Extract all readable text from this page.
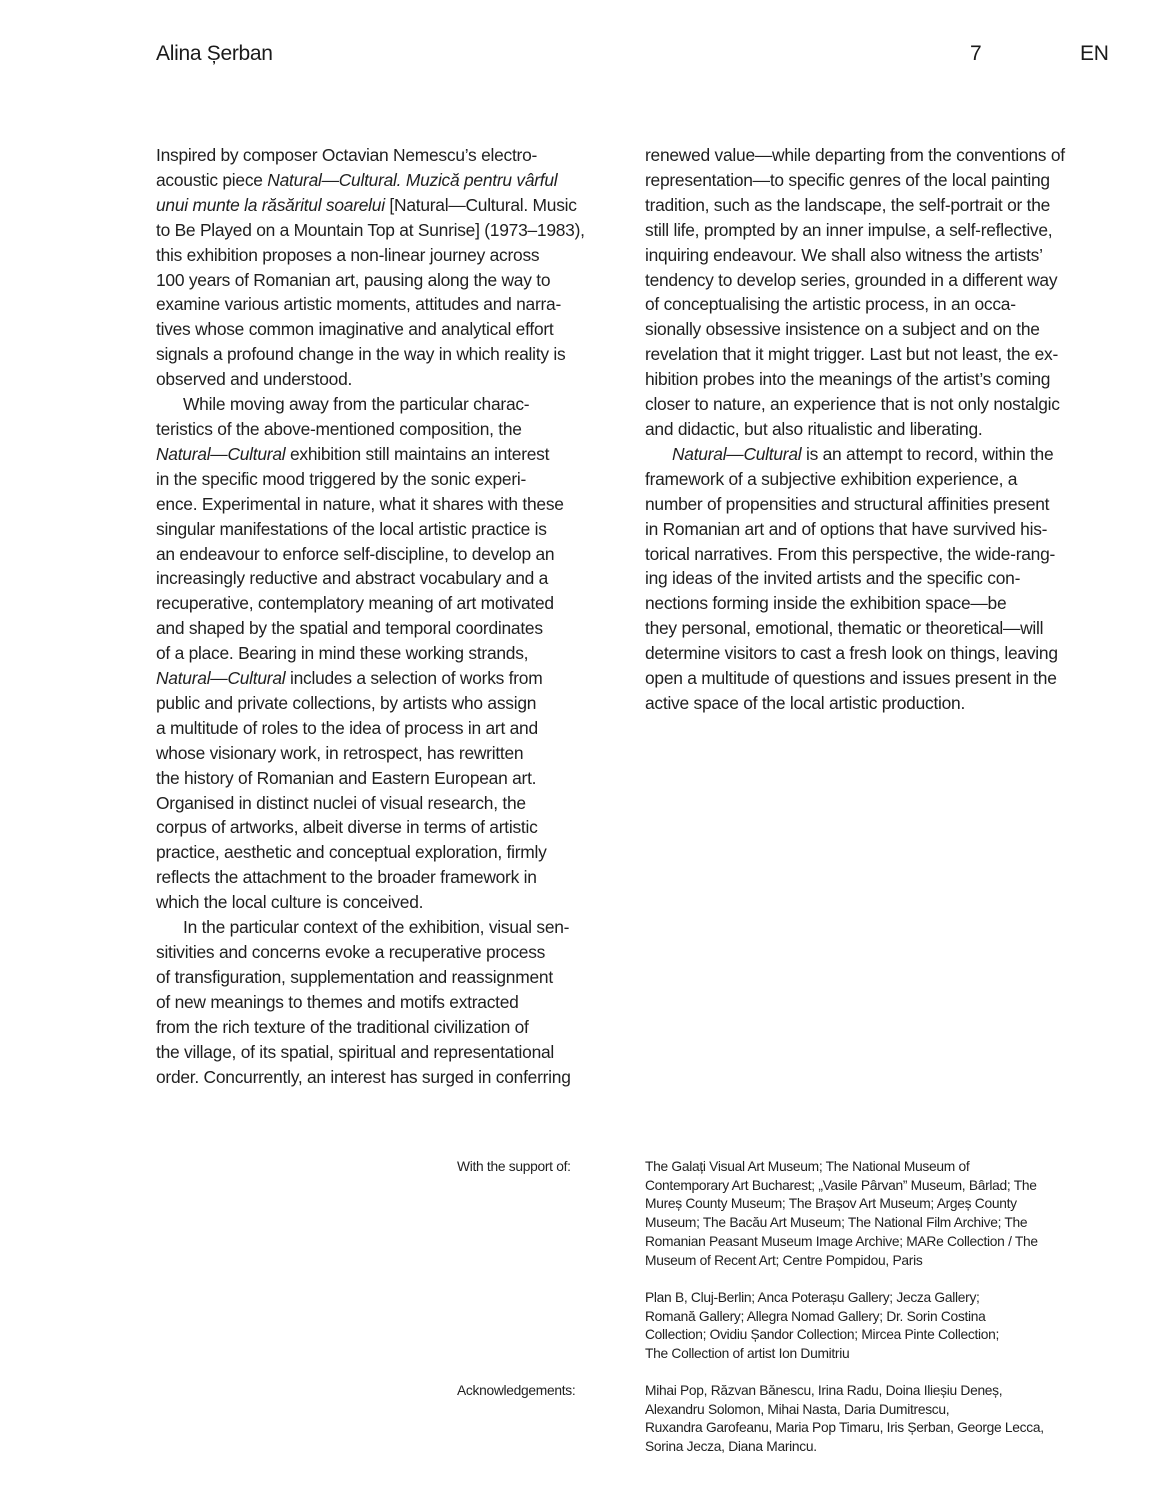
Alina Șerban	7	EN
Inspired by composer Octavian Nemescu’s electro-
acoustic piece Natural—Cultural. Muzică pentru vârful
unui munte la răsăritul soarelui [Natural—Cultural. Music
to Be Played on a Mountain Top at Sunrise] (1973–1983),
this exhibition proposes a non-linear journey across
100 years of Romanian art, pausing along the way to
examine various artistic moments, attitudes and narra-
tives whose common imaginative and analytical effort
signals a profound change in the way in which reality is
observed and understood.
While moving away from the particular charac-
teristics of the above-mentioned composition, the
Natural—Cultural exhibition still maintains an interest
in the specific mood triggered by the sonic experi-
ence. Experimental in nature, what it shares with these
singular manifestations of the local artistic practice is
an endeavour to enforce self-discipline, to develop an
increasingly reductive and abstract vocabulary and a
recuperative, contemplatory meaning of art motivated
and shaped by the spatial and temporal coordinates
of a place. Bearing in mind these working strands,
Natural—Cultural includes a selection of works from
public and private collections, by artists who assign
a multitude of roles to the idea of process in art and
whose visionary work, in retrospect, has rewritten
the history of Romanian and Eastern European art.
Organised in distinct nuclei of visual research, the
corpus of artworks, albeit diverse in terms of artistic
practice, aesthetic and conceptual exploration, firmly
reflects the attachment to the broader framework in
which the local culture is conceived.
In the particular context of the exhibition, visual sen-
sitivities and concerns evoke a recuperative process
of transfiguration, supplementation and reassignment
of new meanings to themes and motifs extracted
from the rich texture of the traditional civilization of
the village, of its spatial, spiritual and representational
order. Concurrently, an interest has surged in conferring
renewed value—while departing from the conventions of
representation—to specific genres of the local painting
tradition, such as the landscape, the self-portrait or the
still life, prompted by an inner impulse, a self-reflective,
inquiring endeavour. We shall also witness the artists’
tendency to develop series, grounded in a different way
of conceptualising the artistic process, in an occa-
sionally obsessive insistence on a subject and on the
revelation that it might trigger. Last but not least, the ex-
hibition probes into the meanings of the artist’s coming
closer to nature, an experience that is not only nostalgic
and didactic, but also ritualistic and liberating.
Natural—Cultural is an attempt to record, within the
framework of a subjective exhibition experience, a
number of propensities and structural affinities present
in Romanian art and of options that have survived his-
torical narratives. From this perspective, the wide-rang-
ing ideas of the invited artists and the specific con-
nections forming inside the exhibition space—be
they personal, emotional, thematic or theoretical—will
determine visitors to cast a fresh look on things, leaving
open a multitude of questions and issues present in the
active space of the local artistic production.
With the support of:	The Galați Visual Art Museum; The National Museum of
Contemporary Art Bucharest; „Vasile Pârvan” Museum, Bârlad; The
Mureș County Museum; The Brașov Art Museum; Argeș County
Museum; The Bacău Art Museum; The National Film Archive; The
Romanian Peasant Museum Image Archive; MARe Collection / The
Museum of Recent Art; Centre Pompidou, Paris
Plan B, Cluj-Berlin; Anca Poterașu Gallery; Jecza Gallery;
Romană Gallery; Allegra Nomad Gallery; Dr. Sorin Costina
Collection; Ovidiu Șandor Collection; Mircea Pinte Collection;
The Collection of artist Ion Dumitriu
Acknowledgements:	Mihai Pop, Răzvan Bănescu, Irina Radu, Doina Ilieșiu Deneș,
Alexandru Solomon, Mihai Nasta, Daria Dumitrescu,
Ruxandra Garofeanu, Maria Pop Timaru, Iris Șerban, George Lecca,
Sorina Jecza, Diana Marincu.
